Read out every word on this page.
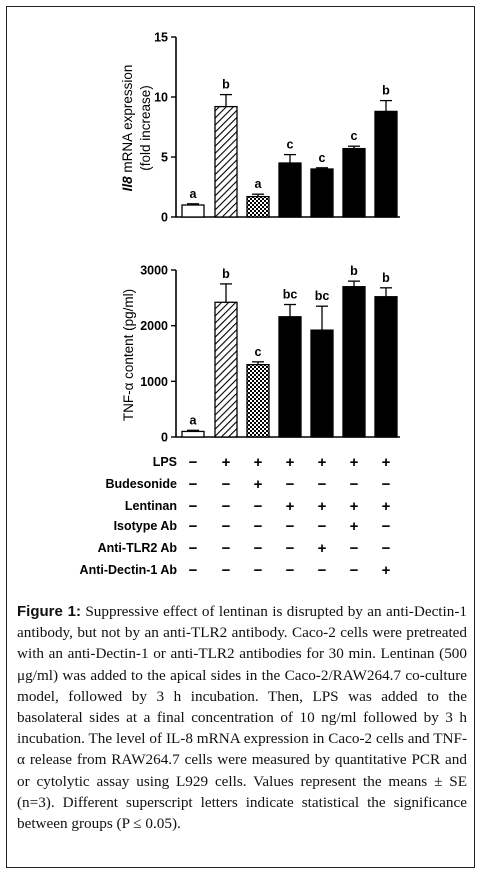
Il8 mRNA expression (fold increase)
0
5
10
15
a
b
a
c
c
c
b
TNF-α content (pg/ml)
0
1000
2000
3000
a
b
c
bc bc
b b
LPS − + + + + + +
Budesonide − − + − − − −
Lentinan − − − + + + +
Isotype Ab − − − − − + −
Anti-TLR2 Ab − − − − + − −
Anti-Dectin-1 Ab − − − − − − +
Figure 1: Suppressive effect of lentinan is disrupted by an anti-Dectin-1 antibody, but not by an anti-TLR2 antibody. Caco-2 cells were pretreated with an anti-Dectin-1 or anti-TLR2 antibodies for 30 min. Lentinan (500 μg/ml) was added to the apical sides in the Caco-2/RAW264.7 co-culture model, followed by 3 h incubation. Then, LPS was added to the basolateral sides at a final concentration of 10 ng/ml followed by 3 h incubation. The level of IL-8 mRNA expression in Caco-2 cells and TNF-α release from RAW264.7 cells were measured by quantitative PCR and or cytolytic assay using L929 cells. Values represent the means ± SE (n=3). Different superscript letters indicate statistical the significance between groups (P ≤ 0.05).
